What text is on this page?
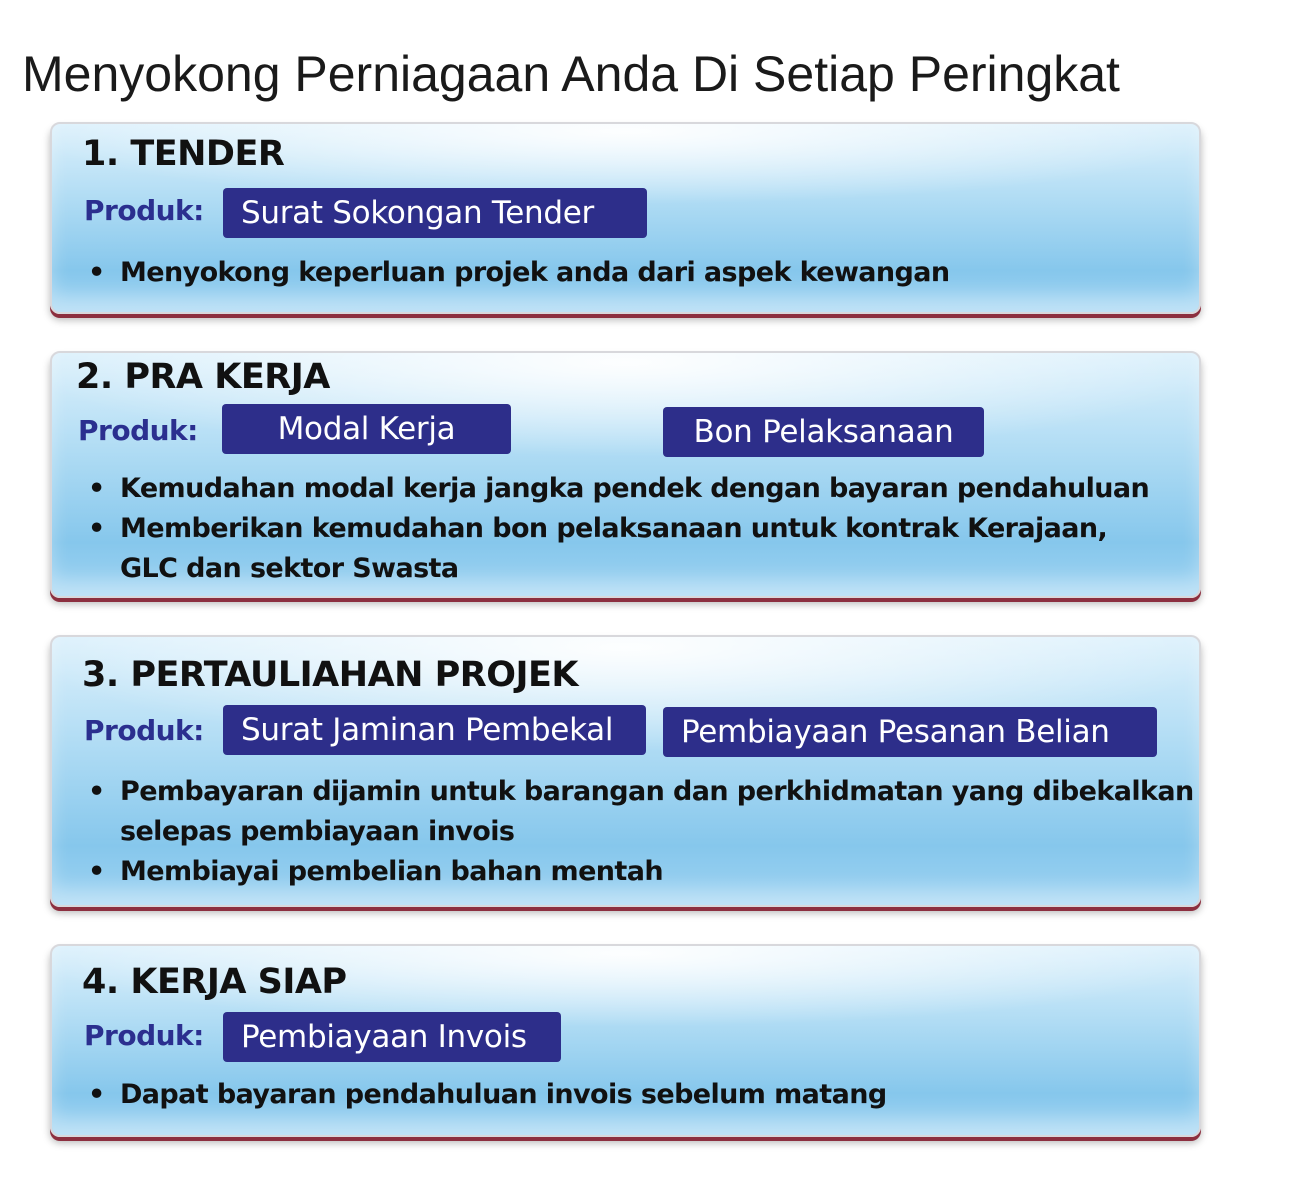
Menyokong Perniagaan Anda Di Setiap Peringkat
1. TENDER
Produk:	Surat Sokongan Tender
• Menyokong keperluan projek anda dari aspek kewangan
2. PRA KERJA
Produk:	Modal Kerja	Bon Pelaksanaan
• Kemudahan modal kerja jangka pendek dengan bayaran pendahuluan
• Memberikan kemudahan bon pelaksanaan untuk kontrak Kerajaan, GLC dan sektor Swasta
3. PERTAULIAHAN PROJEK
Produk:	Surat Jaminan Pembekal	Pembiayaan Pesanan Belian
• Pembayaran dijamin untuk barangan dan perkhidmatan yang dibekalkan selepas pembiayaan invois
• Membiayai pembelian bahan mentah
4. KERJA SIAP
Produk:	Pembiayaan Invois
• Dapat bayaran pendahuluan invois sebelum matang
